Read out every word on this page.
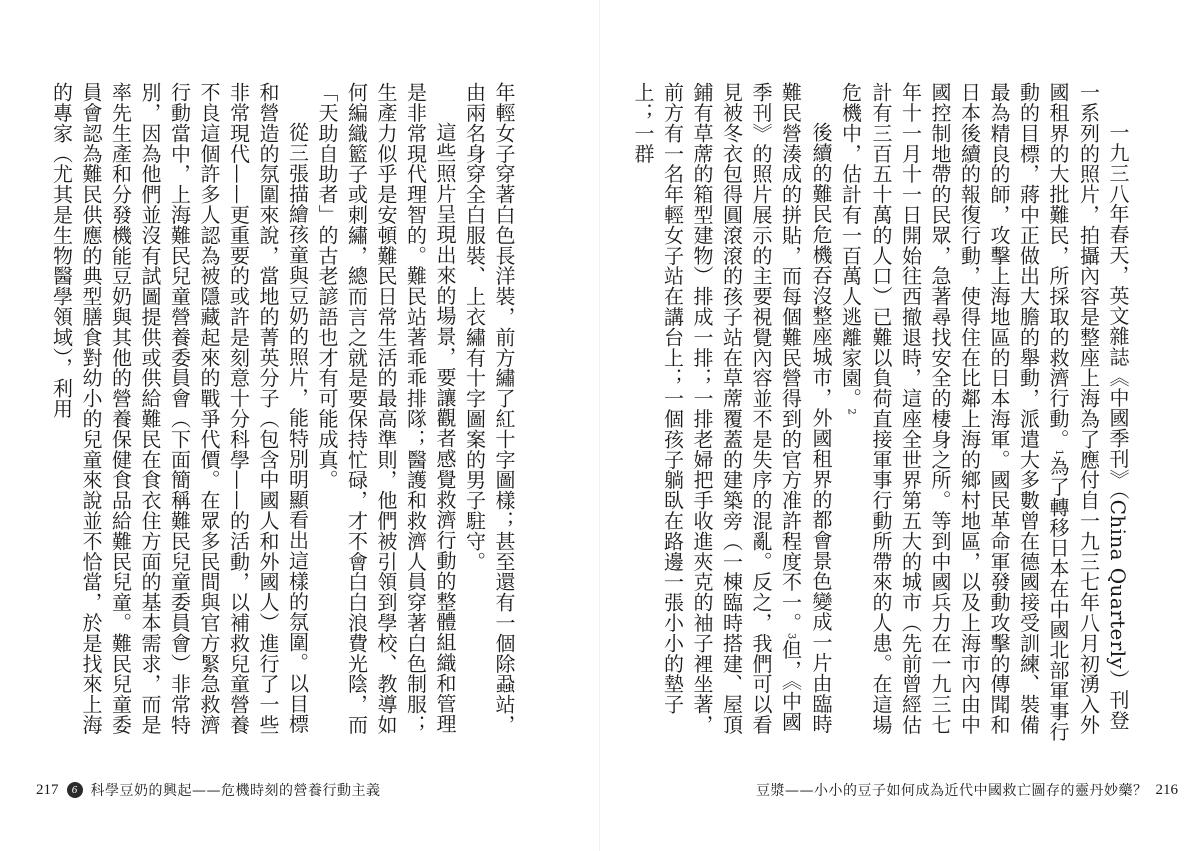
年輕女子穿著白色長洋裝，前方繡了紅十字圖樣；甚至還有一個除蝨站，由兩名身穿全白服裝、上衣繡有十字圖案的男子駐守。

這些照片呈現出來的場景，要讓觀者感覺救濟行動的整體組織和管理是非常現代理智的。難民站著乖乖排隊；醫護和救濟人員穿著白色制服；生產力似乎是安頓難民日常生活的最高準則，他們被引領到學校、教導如何編織籃子或刺繡，總而言之就是要保持忙碌，才不會白白浪費光陰，而「天助自助者」的古老諺語也才有可能成真。

從三張描繪孩童與豆奶的照片，能特別明顯看出這樣的氛圍。以目標和營造的氛圍來說，當地的菁英分子（包含中國人和外國人）進行了一些非常現代——更重要的或許是刻意十分科學——的活動，以補救兒童營養不良這個許多人認為被隱藏起來的戰爭代價。在眾多民間與官方緊急救濟行動當中，上海難民兒童營養委員會（下面簡稱難民兒童委員會）非常特別，因為他們並沒有試圖提供或供給難民在食衣住方面的基本需求，而是率先生產和分發機能豆奶與其他的營養保健食品給難民兒童。難民兒童委員會認為難民供應的典型膳食對幼小的兒童來說並不恰當，於是找來上海的專家（尤其是生物醫學領域），利用

217	6 科學豆奶的興起——危機時刻的營養行動主義

一九三八年春天，英文雜誌《中國季刊》（China Quarterly）刊登一系列的照片，拍攝內容是整座上海為了應付自一九三七年八月初湧入外國租界的大批難民，所採取的救濟行動。1為了轉移日本在中國北部軍事行動的目標，蔣中正做出大膽的舉動，派遣大多數曾在德國接受訓練、裝備最為精良的師，攻擊上海地區的日本海軍。國民革命軍發動攻擊的傳聞和日本後續的報復行動，使得住在比鄰上海的鄉村地區，以及上海市內由中國控制地帶的民眾，急著尋找安全的棲身之所。等到中國兵力在一九三七年十一月十一日開始往西撤退時，這座全世界第五大的城市（先前曾經估計有三百五十萬的人口）已難以負荷直接軍事行動所帶來的人患。在這場危機中，估計有一百萬人逃離家園。2

後續的難民危機吞沒整座城市，外國租界的都會景色變成一片由臨時難民營湊成的拼貼，而每個難民營得到的官方准許程度不一。3但，《中國季刊》的照片展示的主要視覺內容並不是失序的混亂。反之，我們可以看見被冬衣包得圓滾滾的孩子站在草蓆覆蓋的建築旁（一棟臨時搭建、屋頂鋪有草蓆的箱型建物）排成一排；一排老婦把手收進夾克的袖子裡坐著，前方有一名年輕女子站在講台上；一個孩子躺臥在路邊一張小小的墊子上；一群

豆漿——小小的豆子如何成為近代中國救亡圖存的靈丹妙藥？ 216
